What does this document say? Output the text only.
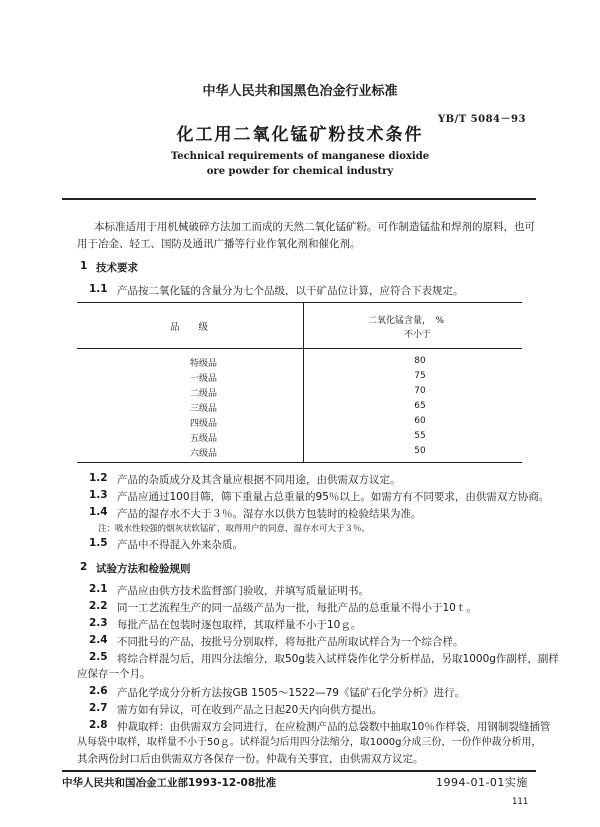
中华人民共和国黑色冶金行业标准
YB/T 5084－93
化工用二氧化锰矿粉技术条件
Technical requirements of manganese dioxide
ore powder for chemical industry
本标准适用于用机械破碎方法加工而成的天然二氧化锰矿粉。可作制造锰盐和焊剂的原料，也可
用于冶金、轻工、国防及通讯广播等行业作氧化剂和催化剂。
1 技术要求
1.1 产品按二氧化锰的含量分为七个品级，以干矿品位计算，应符合下表规定。
品　　级
二氧化锰含量，　%
不小于
特级品	80
一级品	75
二级品	70
三级品	65
四级品	60
五级品	55
六级品	50
1.2 产品的杂质成分及其含量应根据不同用途，由供需双方议定。
1.3 产品应通过100目筛，筛下重量占总重量的95％以上。如需方有不同要求，由供需双方协商。
1.4 产品的湿存水不大于３％。湿存水以供方包装时的检验结果为准。
注：吸水性较强的烟灰状软锰矿，取得用户的同意，湿存水可大于３％。
1.5 产品中不得混入外来杂质。
2 试验方法和检验规则
2.1 产品应由供方技术监督部门验收，并填写质量证明书。
2.2 同一工艺流程生产的同一品级产品为一批，每批产品的总重量不得小于10ｔ。
2.3 每批产品在包装时逐包取样，其取样量不小于10ｇ。
2.4 不同批号的产品，按批号分别取样，将每批产品所取试样合为一个综合样。
2.5 将综合样混匀后，用四分法缩分，取50g装入试样袋作化学分析样品，另取1000g作副样，副样
应保存一个月。
2.6 产品化学成分分析方法按GB 1505～1522—79《锰矿石化学分析》进行。
2.7 需方如有异议，可在收到产品之日起20天内向供方提出。
2.8 仲裁取样：由供需双方会同进行，在应检测产品的总袋数中抽取10％作样袋，用钢制裂缝插管
从每袋中取样，取样量不小于50ｇ。试样混匀后用四分法缩分，取1000g分成三份，一份作仲裁分析用，
其余两份封口后由供需双方各保存一份。仲裁有关事宜，由供需双方议定。
中华人民共和国冶金工业部1993-12-08批准	1994-01-01实施
111
